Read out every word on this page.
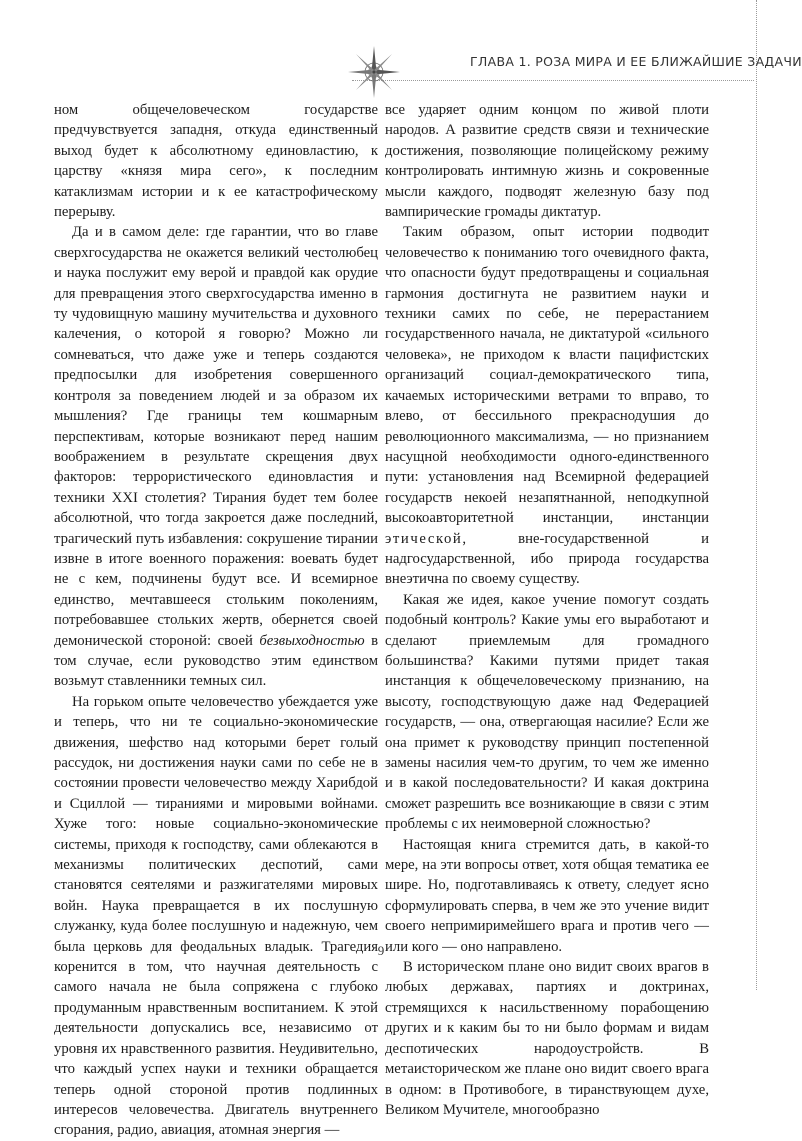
ГЛАВА 1. РОЗА МИРА И ЕЕ БЛИЖАЙШИЕ ЗАДАЧИ

ном общечеловеческом государстве предчувствуется западня, откуда единственный выход будет к абсолютному единовластию, к царству «князя мира сего», к последним катаклизмам истории и к ее катастрофическому перерыву.

Да и в самом деле: где гарантии, что во главе сверхгосударства не окажется великий честолюбец и наука послужит ему верой и правдой как орудие для превращения этого сверхгосударства именно в ту чудовищную машину мучительства и духовного калечения, о которой я говорю? Можно ли сомневаться, что даже уже и теперь создаются предпосылки для изобретения совершенного контроля за поведением людей и за образом их мышления? Где границы тем кошмарным перспективам, которые возникают перед нашим воображением в результате скрещения двух факторов: террористического единовластия и техники XXI столетия? Тирания будет тем более абсолютной, что тогда закроется даже последний, трагический путь избавления: сокрушение тирании извне в итоге военного поражения: воевать будет не с кем, подчинены будут все. И всемирное единство, мечтавшееся стольким поколениям, потребовавшее стольких жертв, обернется своей демонической стороной: своей безвыходностью в том случае, если руководство этим единством возьмут ставленники темных сил.

На горьком опыте человечество убеждается уже и теперь, что ни те социально-экономические движения, шефство над которыми берет голый рассудок, ни достижения науки сами по себе не в состоянии провести человечество между Харибдой и Сциллой — тираниями и мировыми войнами. Хуже того: новые социально-экономические системы, приходя к господству, сами облекаются в механизмы политических деспотий, сами становятся сеятелями и разжигателями мировых войн. Наука превращается в их послушную служанку, куда более послушную и надежную, чем была церковь для феодальных владык. Трагедия коренится в том, что научная деятельность с самого начала не была сопряжена с глубоко продуманным нравственным воспитанием. К этой деятельности допускались все, независимо от уровня их нравственного развития. Неудивительно, что каждый успех науки и техники обращается теперь одной стороной против подлинных интересов человечества. Двигатель внутреннего сгорания, радио, авиация, атомная энергия —

все ударяет одним концом по живой плоти народов. А развитие средств связи и технические достижения, позволяющие полицейскому режиму контролировать интимную жизнь и сокровенные мысли каждого, подводят железную базу под вампирические громады диктатур.

Таким образом, опыт истории подводит человечество к пониманию того очевидного факта, что опасности будут предотвращены и социальная гармония достигнута не развитием науки и техники самих по себе, не перерастанием государственного начала, не диктатурой «сильного человека», не приходом к власти пацифистских организаций социал-демократического типа, качаемых историческими ветрами то вправо, то влево, от бессильного прекраснодушия до революционного максимализма, — но признанием насущной необходимости одного-единственного пути: установления над Всемирной федерацией государств некоей незапятнанной, неподкупной высокоавторитетной инстанции, инстанции этической, вне-государственной и надгосударственной, ибо природа государства внеэтична по своему существу.

Какая же идея, какое учение помогут создать подобный контроль? Какие умы его выработают и сделают приемлемым для громадного большинства? Какими путями придет такая инстанция к общечеловеческому признанию, на высоту, господствующую даже над Федерацией государств, — она, отвергающая насилие? Если же она примет к руководству принцип постепенной замены насилия чем-то другим, то чем же именно и в какой последовательности? И какая доктрина сможет разрешить все возникающие в связи с этим проблемы с их неимоверной сложностью?

Настоящая книга стремится дать, в какой-то мере, на эти вопросы ответ, хотя общая тематика ее шире. Но, подготавливаясь к ответу, следует ясно сформулировать сперва, в чем же это учение видит своего непримиримейшего врага и против чего — или кого — оно направлено.

В историческом плане оно видит своих врагов в любых державах, партиях и доктринах, стремящихся к насильственному порабощению других и к каким бы то ни было формам и видам деспотических народоустройств. В метаисторическом же плане оно видит своего врага в одном: в Противобоге, в тиранствующем духе, Великом Мучителе, многообразно

9
